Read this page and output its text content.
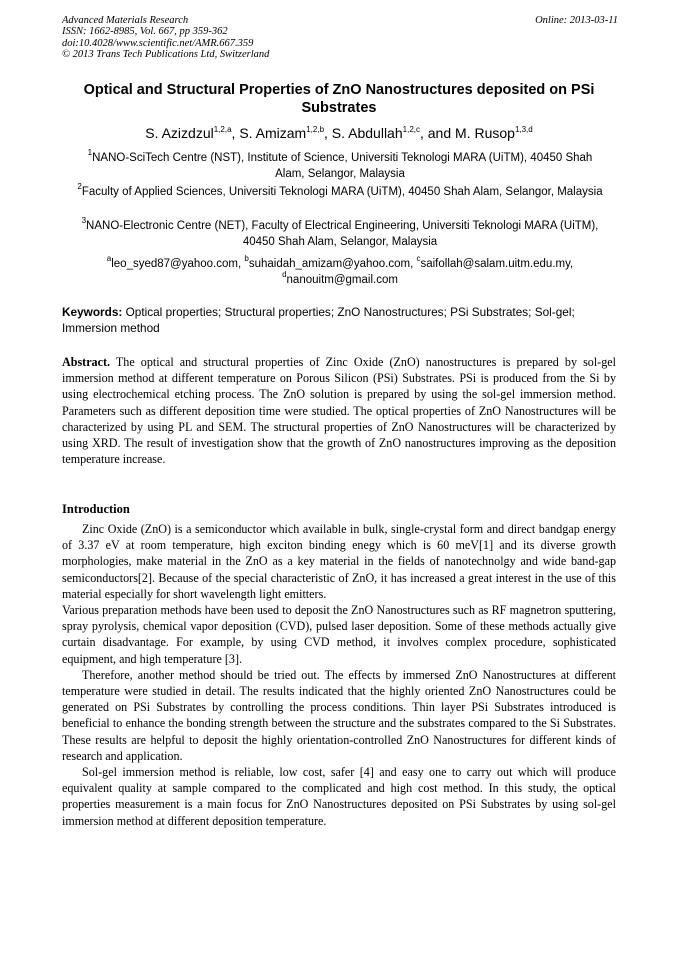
Advanced Materials Research
ISSN: 1662-8985, Vol. 667, pp 359-362
doi:10.4028/www.scientific.net/AMR.667.359
© 2013 Trans Tech Publications Ltd, Switzerland
Online: 2013-03-11
Optical and Structural Properties of ZnO Nanostructures deposited on PSi Substrates
S. Azizdzul$^{1,2,a}$, S. Amizam$^{1,2,b}$, S. Abdullah$^{1,2,c}$, and M. Rusop$^{1,3,d}$
$^1$NANO-SciTech Centre (NST), Institute of Science, Universiti Teknologi MARA (UiTM), 40450 Shah Alam, Selangor, Malaysia
$^2$Faculty of Applied Sciences, Universiti Teknologi MARA (UiTM), 40450 Shah Alam, Selangor, Malaysia
$^3$NANO-Electronic Centre (NET), Faculty of Electrical Engineering, Universiti Teknologi MARA (UiTM), 40450 Shah Alam, Selangor, Malaysia
$^a$leo_syed87@yahoo.com, $^b$suhaidah_amizam@yahoo.com, $^c$saifollah@salam.uitm.edu.my,
$^d$nanouitm@gmail.com
Keywords: Optical properties; Structural properties; ZnO Nanostructures; PSi Substrates; Sol-gel; Immersion method
Abstract. The optical and structural properties of Zinc Oxide (ZnO) nanostructures is prepared by sol-gel immersion method at different temperature on Porous Silicon (PSi) Substrates. PSi is produced from the Si by using electrochemical etching process. The ZnO solution is prepared by using the sol-gel immersion method. Parameters such as different deposition time were studied. The optical properties of ZnO Nanostructures will be characterized by using PL and SEM. The structural properties of ZnO Nanostructures will be characterized by using XRD. The result of investigation show that the growth of ZnO nanostructures improving as the deposition temperature increase.
Introduction

Zinc Oxide (ZnO) is a semiconductor which available in bulk, single-crystal form and direct bandgap energy of 3.37 eV at room temperature, high exciton binding enegy which is 60 meV[1] and its diverse growth morphologies, make material in the ZnO as a key material in the fields of nanotechnolgy and wide band-gap semiconductors[2]. Because of the special characteristic of ZnO, it has increased a great interest in the use of this material especially for short wavelength light emitters.

Various preparation methods have been used to deposit the ZnO Nanostructures such as RF magnetron sputtering, spray pyrolysis, chemical vapor deposition (CVD), pulsed laser deposition. Some of these methods actually give curtain disadvantage. For example, by using CVD method, it involves complex procedure, sophisticated equipment, and high temperature [3].

Therefore, another method should be tried out. The effects by immersed ZnO Nanostructures at different temperature were studied in detail. The results indicated that the highly oriented ZnO Nanostructures could be generated on PSi Substrates by controlling the process conditions. Thin layer PSi Substrates introduced is beneficial to enhance the bonding strength between the structure and the substrates compared to the Si Substrates. These results are helpful to deposit the highly orientation-controlled ZnO Nanostructures for different kinds of research and application.

Sol-gel immersion method is reliable, low cost, safer [4] and easy one to carry out which will produce equivalent quality at sample compared to the complicated and high cost method. In this study, the optical properties measurement is a main focus for ZnO Nanostructures deposited on PSi Substrates by using sol-gel immersion method at different deposition temperature.
